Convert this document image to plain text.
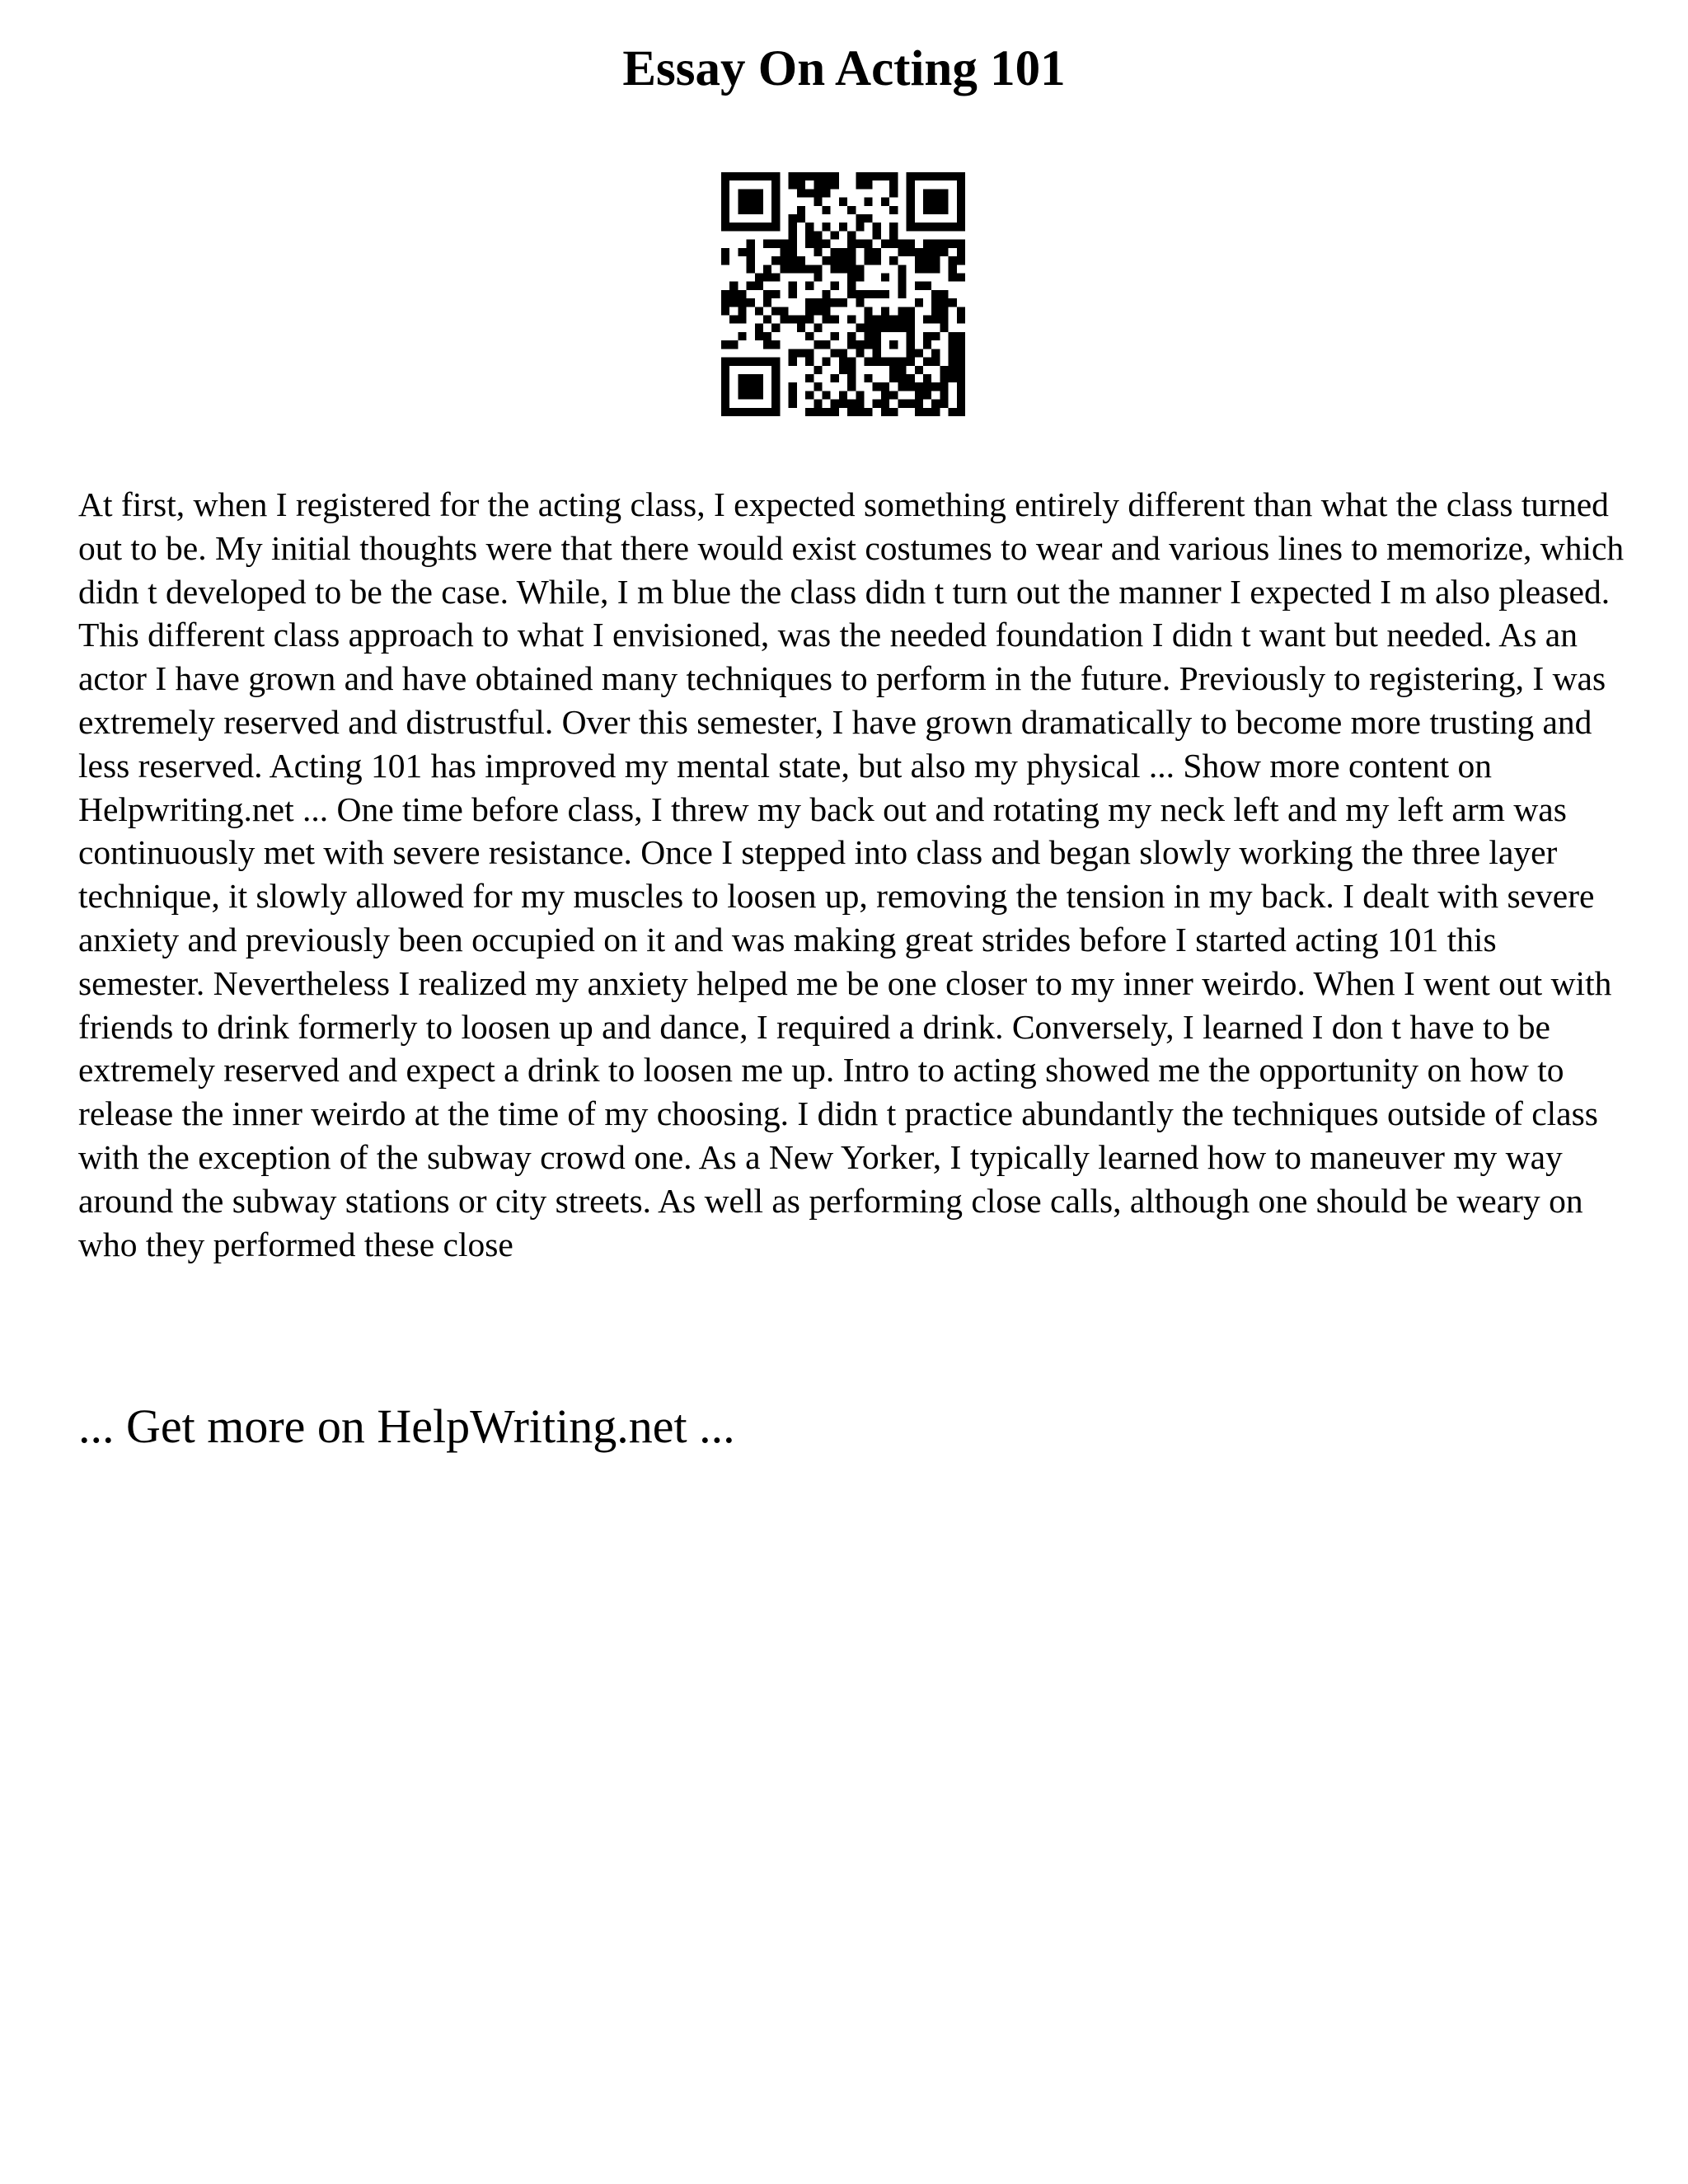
Essay On Acting 101

At first, when I registered for the acting class, I expected something entirely different than what the class turned out to be. My initial thoughts were that there would exist costumes to wear and various lines to memorize, which didn t developed to be the case. While, I m blue the class didn t turn out the manner I expected I m also pleased. This different class approach to what I envisioned, was the needed foundation I didn t want but needed. As an actor I have grown and have obtained many techniques to perform in the future. Previously to registering, I was extremely reserved and distrustful. Over this semester, I have grown dramatically to become more trusting and less reserved. Acting 101 has improved my mental state, but also my physical ... Show more content on Helpwriting.net ... One time before class, I threw my back out and rotating my neck left and my left arm was continuously met with severe resistance. Once I stepped into class and began slowly working the three layer technique, it slowly allowed for my muscles to loosen up, removing the tension in my back. I dealt with severe anxiety and previously been occupied on it and was making great strides before I started acting 101 this semester. Nevertheless I realized my anxiety helped me be one closer to my inner weirdo. When I went out with friends to drink formerly to loosen up and dance, I required a drink. Conversely, I learned I don t have to be extremely reserved and expect a drink to loosen me up. Intro to acting showed me the opportunity on how to release the inner weirdo at the time of my choosing. I didn t practice abundantly the techniques outside of class with the exception of the subway crowd one. As a New Yorker, I typically learned how to maneuver my way around the subway stations or city streets. As well as performing close calls, although one should be weary on who they performed these close

... Get more on HelpWriting.net ...
